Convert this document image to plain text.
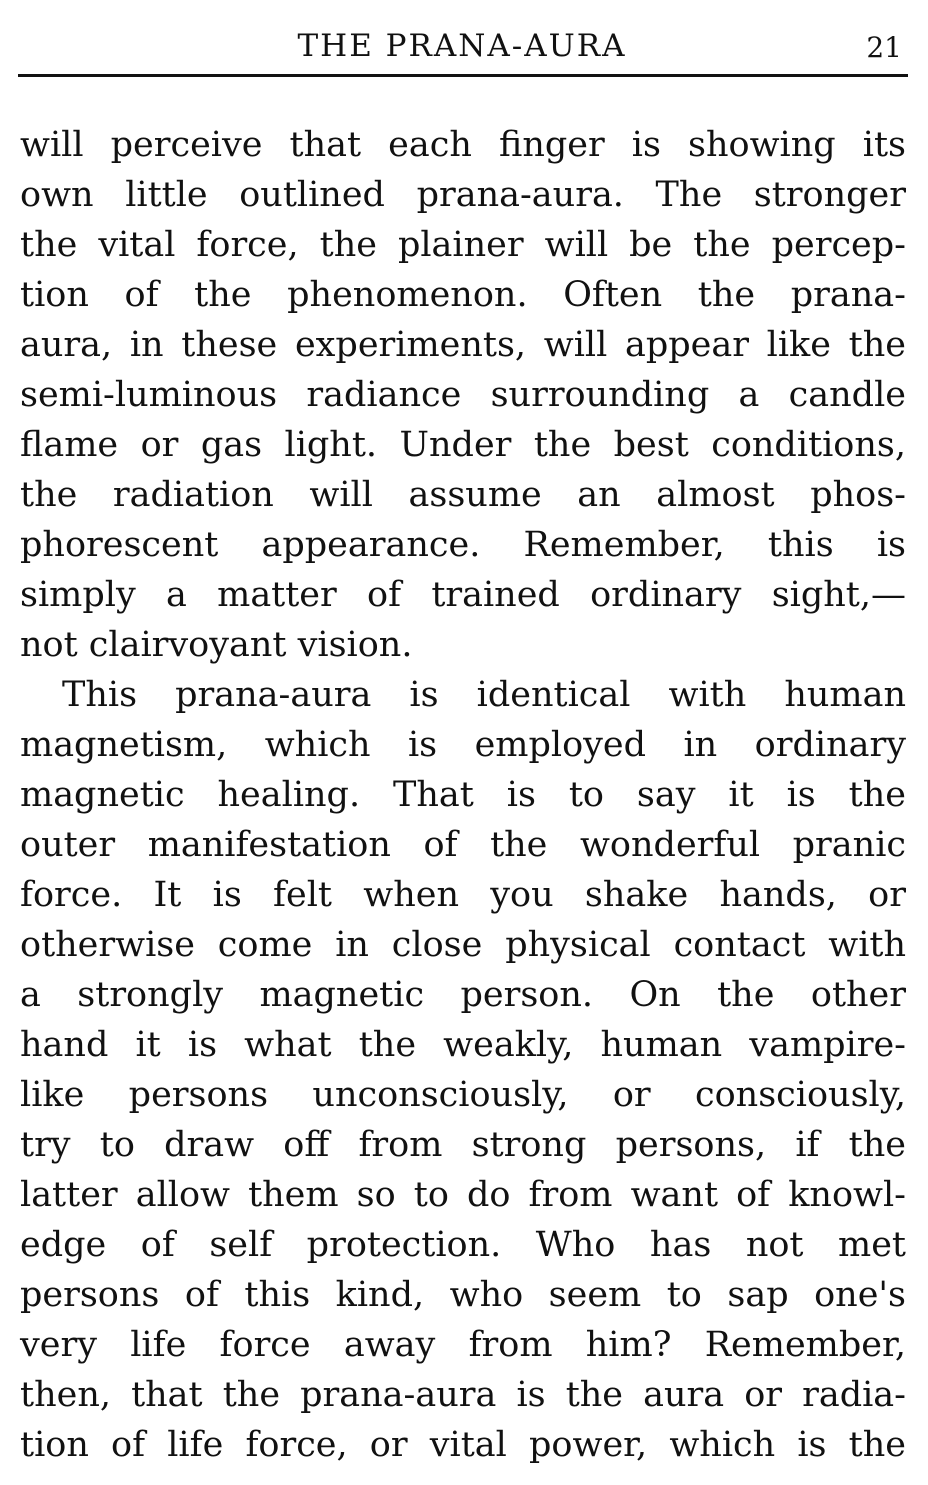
THE PRANA-AURA	21
will perceive that each finger is showing its
own little outlined prana-aura. The stronger
the vital force, the plainer will be the percep-
tion of the phenomenon. Often the prana-
aura, in these experiments, will appear like the
semi-luminous radiance surrounding a candle
flame or gas light. Under the best conditions,
the radiation will assume an almost phos-
phorescent appearance. Remember, this is
simply a matter of trained ordinary sight,—
not clairvoyant vision.
This prana-aura is identical with human
magnetism, which is employed in ordinary
magnetic healing. That is to say it is the
outer manifestation of the wonderful pranic
force. It is felt when you shake hands, or
otherwise come in close physical contact with
a strongly magnetic person. On the other
hand it is what the weakly, human vampire-
like persons unconsciously, or consciously,
try to draw off from strong persons, if the
latter allow them so to do from want of knowl-
edge of self protection. Who has not met
persons of this kind, who seem to sap one's
very life force away from him? Remember,
then, that the prana-aura is the aura or radia-
tion of life force, or vital power, which is the
